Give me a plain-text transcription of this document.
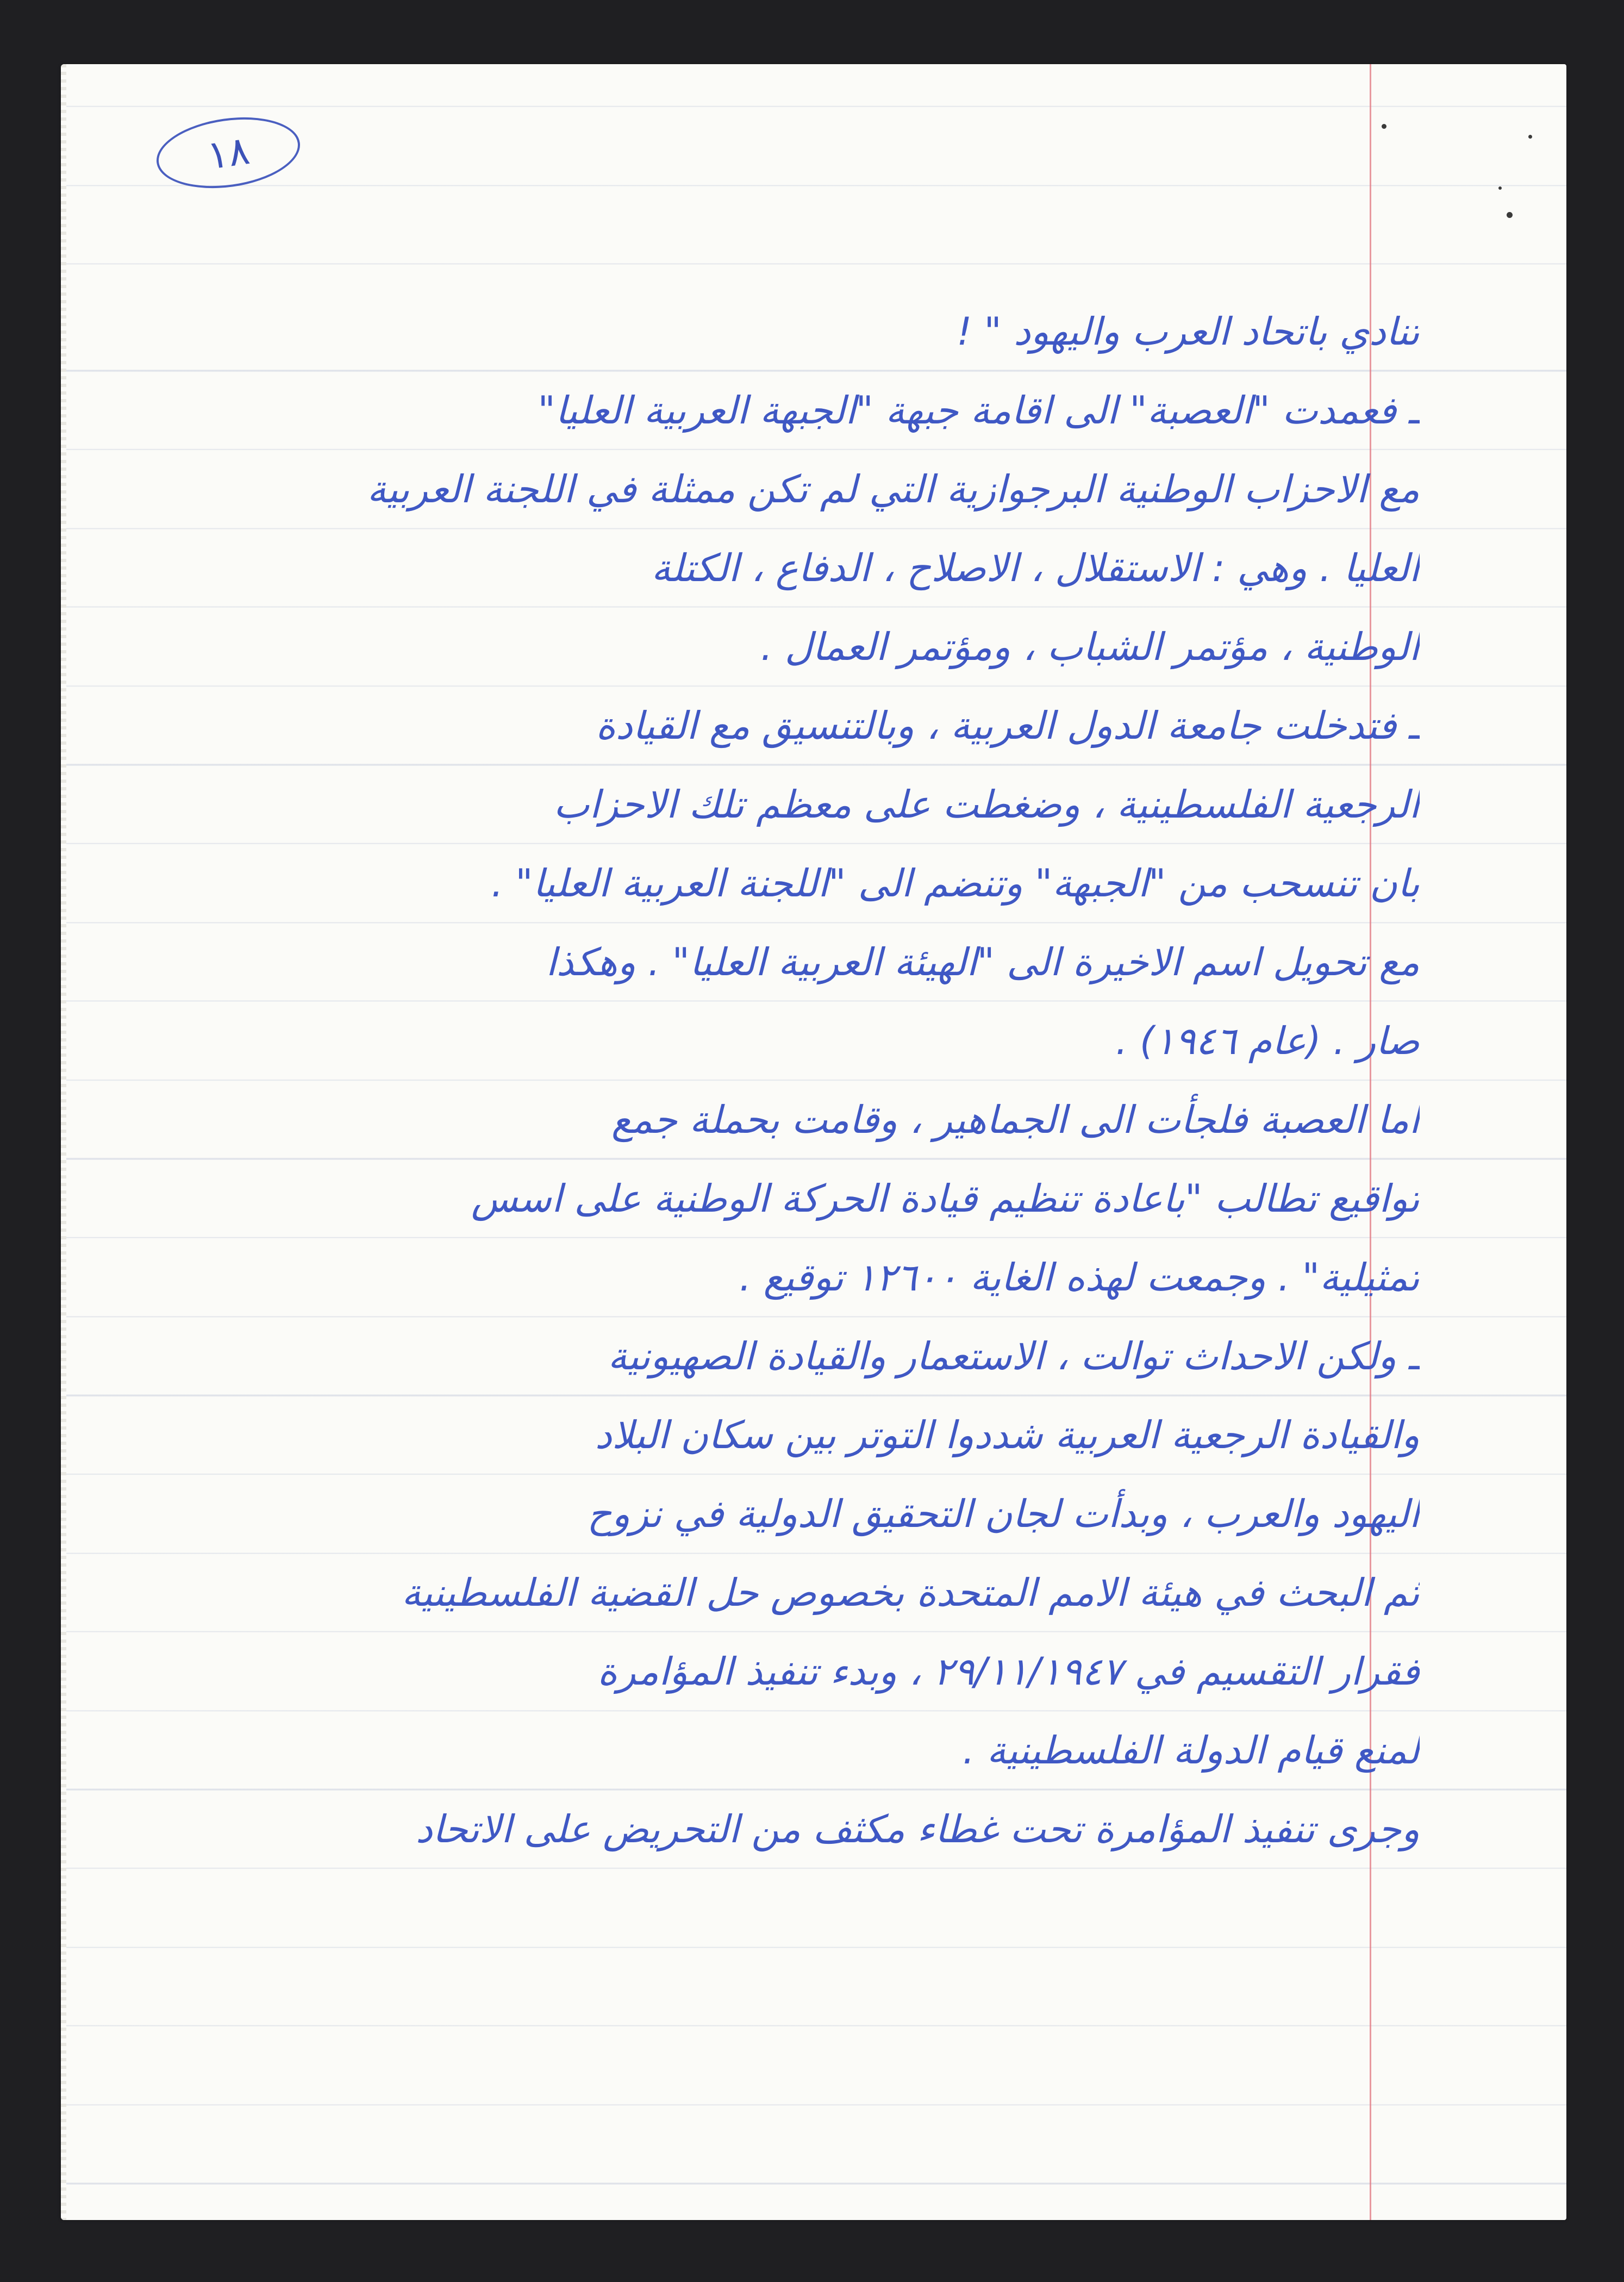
١٨
تنادي باتحاد العرب واليهود " !
ـ فعمدت "العصبة" الى اقامة جبهة "الجبهة العربية العليا"
مع الاحزاب الوطنية البرجوازية التي لم تكن ممثلة في اللجنة العربية
العليا . وهي : الاستقلال ، الاصلاح ، الدفاع ، الكتلة
الوطنية ، مؤتمر الشباب ، ومؤتمر العمال .
ـ فتدخلت جامعة الدول العربية ، وبالتنسيق مع القيادة
الرجعية الفلسطينية ، وضغطت على معظم تلك الاحزاب
بان تنسحب من "الجبهة" وتنضم الى "اللجنة العربية العليا" .
مع تحويل اسم الاخيرة الى "الهيئة العربية العليا" . وهكذا
صار . (عام ١٩٤٦) .
اما العصبة فلجأت الى الجماهير ، وقامت بحملة جمع
تواقيع تطالب "باعادة تنظيم قيادة الحركة الوطنية على اسس
تمثيلية" . وجمعت لهذه الغاية ١٢٦٠٠ توقيع .
ـ ولكن الاحداث توالت ، الاستعمار والقيادة الصهيونية
والقيادة الرجعية العربية شددوا التوتر بين سكان البلاد
اليهود والعرب ، وبدأت لجان التحقيق الدولية في نزوح
ثم البحث في هيئة الامم المتحدة بخصوص حل القضية الفلسطينية
فقرار التقسيم في ٢٩/١١/١٩٤٧ ، وبدء تنفيذ المؤامرة
لمنع قيام الدولة الفلسطينية .
وجرى تنفيذ المؤامرة تحت غطاء مكثف من التحريض على الاتحاد
